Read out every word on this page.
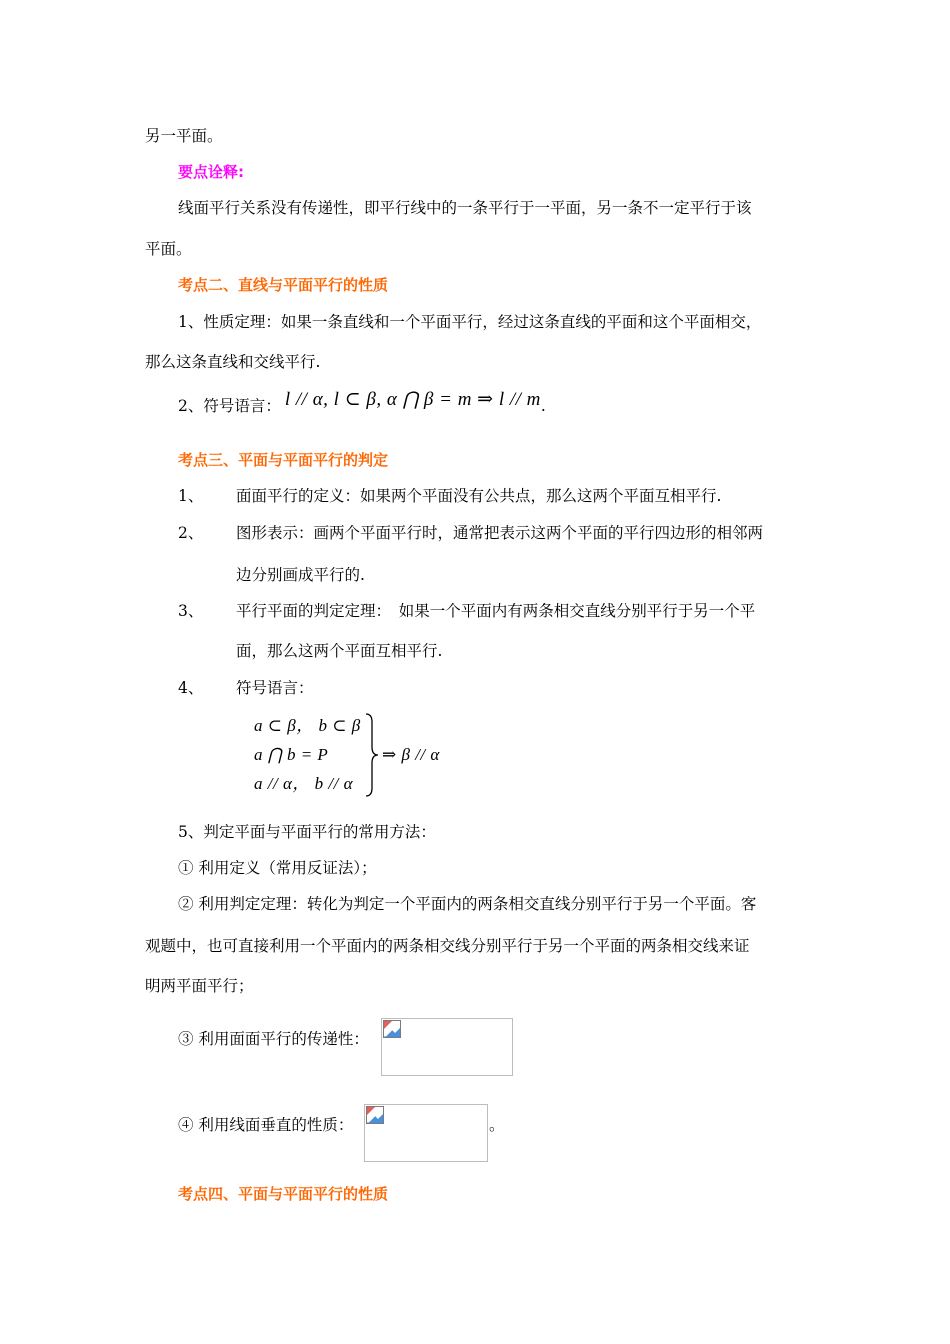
另一平面。
要点诠释:
线面平行关系没有传递性，即平行线中的一条平行于一平面，另一条不一定平行于该
平面。
考点二、直线与平面平行的性质
1、性质定理：如果一条直线和一个平面平行，经过这条直线的平面和这个平面相交，
那么这条直线和交线平行.
2、符号语言： l // α, l ⊂ β, α ⋂ β = m ⇒ l // m.
考点三、平面与平面平行的判定
1、 面面平行的定义：如果两个平面没有公共点，那么这两个平面互相平行.
2、 图形表示：画两个平面平行时，通常把表示这两个平面的平行四边形的相邻两
边分别画成平行的.
3、 平行平面的判定定理：　如果一个平面内有两条相交直线分别平行于另一个平
面，那么这两个平面互相平行.
4、 符号语言：
a ⊂ β， b ⊂ β
a ⋂ b = P
a // α， b // α
⇒ β // α
5、判定平面与平面平行的常用方法：
① 利用定义（常用反证法）；
② 利用判定定理：转化为判定一个平面内的两条相交直线分别平行于另一个平面。客
观题中，也可直接利用一个平面内的两条相交线分别平行于另一个平面的两条相交线来证
明两平面平行；
③ 利用面面平行的传递性：
④ 利用线面垂直的性质：	。
考点四、平面与平面平行的性质
